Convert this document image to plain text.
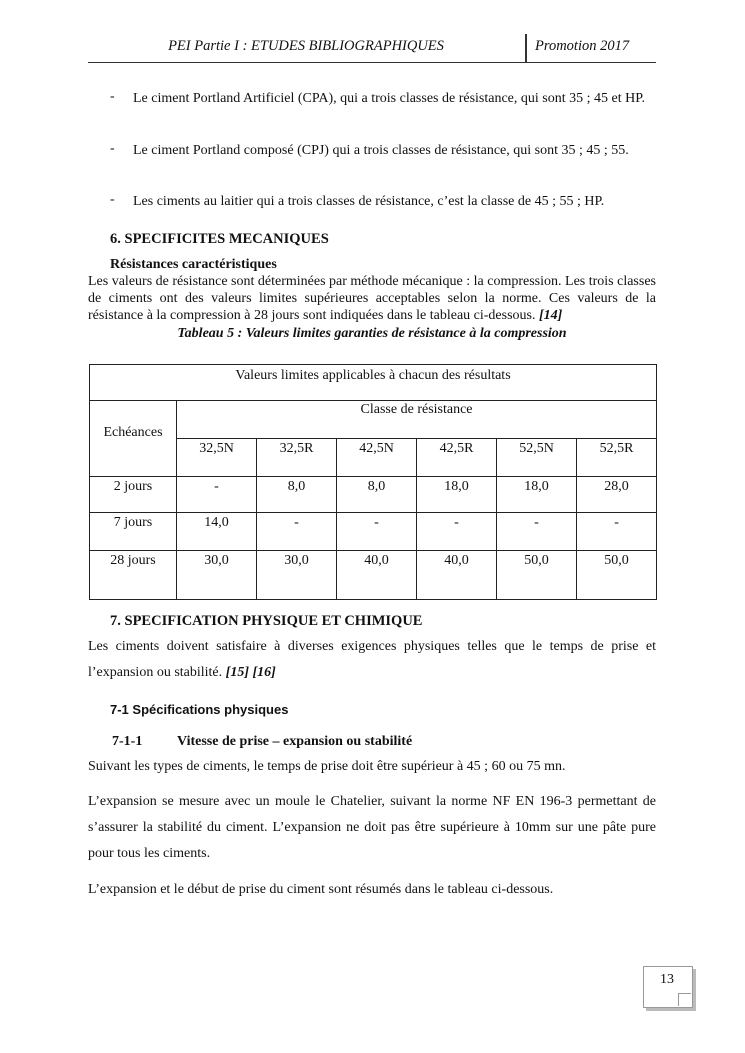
PEI Partie I : ETUDES BIBLIOGRAPHIQUES	Promotion 2017
- Le ciment Portland Artificiel (CPA), qui a trois classes de résistance, qui sont 35 ; 45 et HP.
- Le ciment Portland composé (CPJ) qui a trois classes de résistance, qui sont 35 ; 45 ; 55.
- Les ciments au laitier qui a trois classes de résistance, c’est la classe de 45 ; 55 ; HP.
6. SPECIFICITES MECANIQUES
Résistances caractéristiques
Les valeurs de résistance sont déterminées par méthode mécanique : la compression. Les trois classes de ciments ont des valeurs limites supérieures acceptables selon la norme. Ces valeurs de la résistance à la compression à 28 jours sont indiquées dans le tableau ci-dessous. [14]
Tableau 5 : Valeurs limites garanties de résistance à la compression
Valeurs limites applicables à chacun des résultats						
Echéances	Classe de résistance					
	32,5N	32,5R	42,5N	42,5R	52,5N	52,5R
2 jours	-	8,0	8,0	18,0	18,0	28,0
7 jours	14,0	-	-	-	-	-
28 jours	30,0	30,0	40,0	40,0	50,0	50,0
7. SPECIFICATION PHYSIQUE ET CHIMIQUE
Les ciments doivent satisfaire à diverses exigences physiques telles que le temps de prise et l’expansion ou stabilité. [15] [16]
7-1 Spécifications physiques
7-1-1 Vitesse de prise – expansion ou stabilité
Suivant les types de ciments, le temps de prise doit être supérieur à 45 ; 60 ou 75 mn.
L’expansion se mesure avec un moule le Chatelier, suivant la norme NF EN 196-3 permettant de s’assurer la stabilité du ciment. L’expansion ne doit pas être supérieure à 10mm sur une pâte pure pour tous les ciments.
L’expansion et le début de prise du ciment sont résumés dans le tableau ci-dessous.
13
